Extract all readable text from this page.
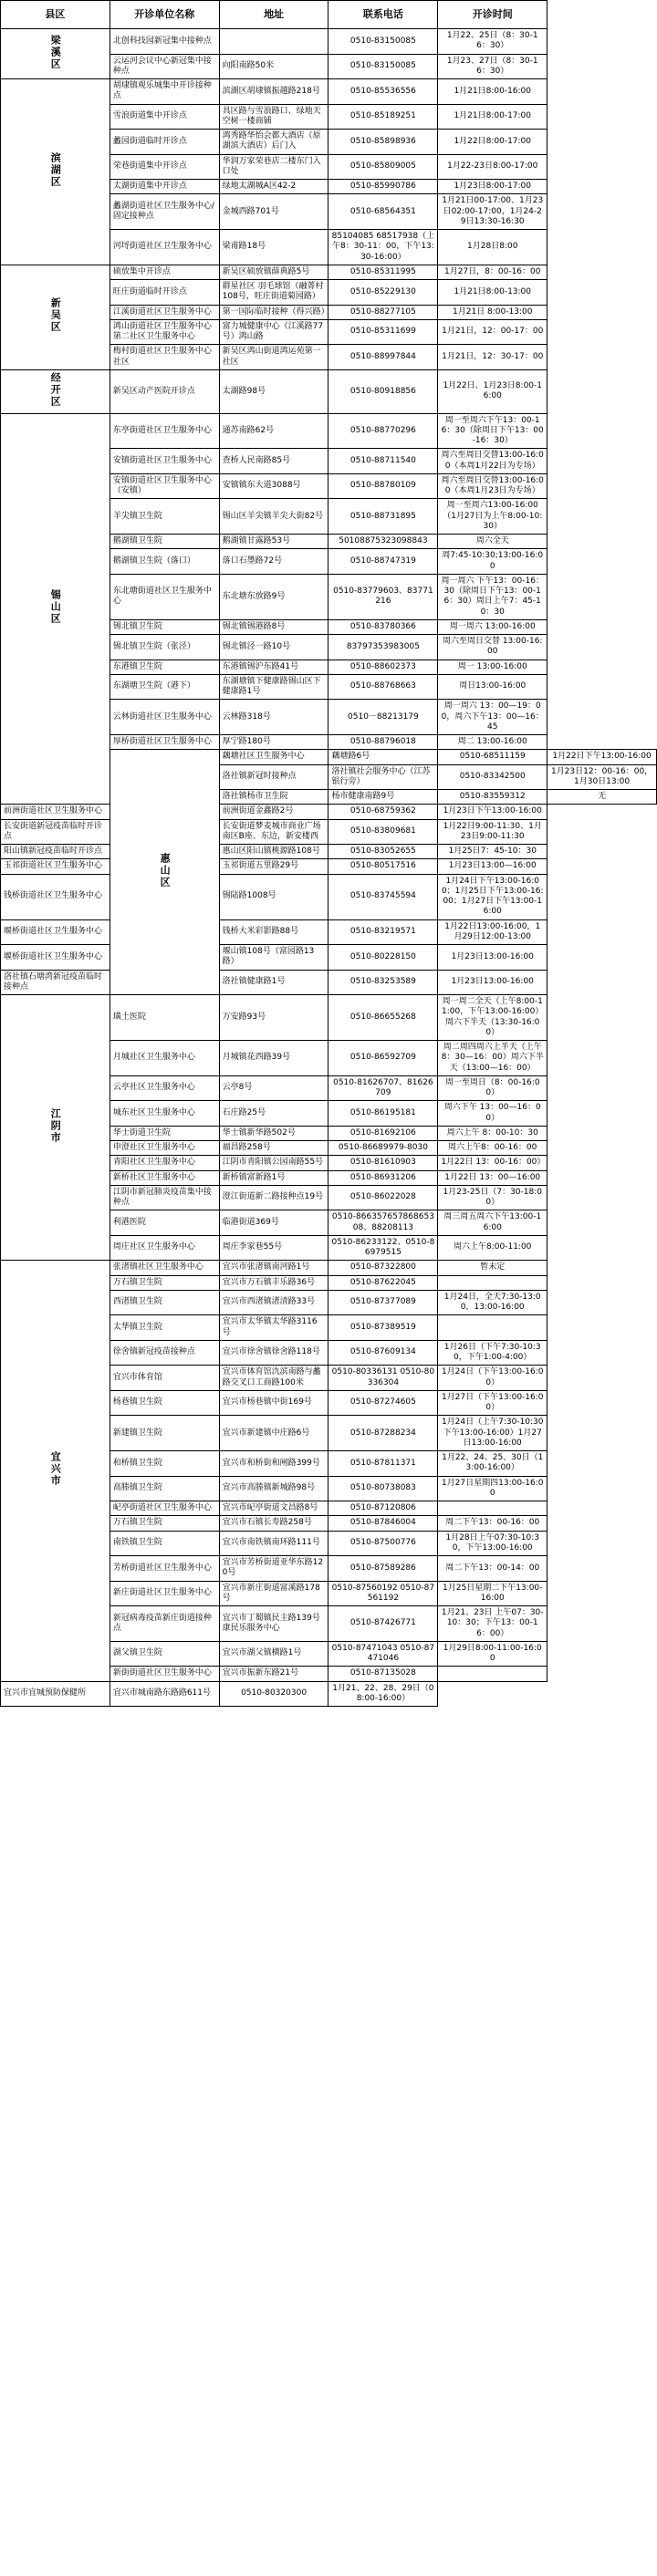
县区	开诊单位名称	地址	联系电话	开诊时间	
梁溪区	北创科技园新冠集中接种点		0510-83150085	1月22、25日（8：30-16：30）	
	云运河会议中心新冠集中接种点	向阳南路50米	0510-83150085	1月23、27日（8：30-16：30）	
滨湖区	胡埭镇观乐城集中开诊接种点	滨湖区胡埭镇振越路218号	0510-85536556	1月21日8:00-16:00	
	雪浪街道集中开诊点	具区路与雪浪路口、绿地天空树一楼商铺	0510-85189251	1月21日8:00-17:00	
	蠡园街道临时开诊点	鸿秀路华怡会都大酒店（原湖滨大酒店）后门入	0510-85898936	1月22日8:00-17:00	
	荣巷街道集中开诊点	华润万家荣巷店二楼东门入口处	0510-85809005	1月22-23日8:00-17:00	
	太湖街道集中开诊点	绿地太湖城A区42-2	0510-85990786	1月23日8:00-17:00	
	蠡湖街道社区卫生服务中心/固定接种点	金城西路701号	0510-68564351	1月21日00-17:00、1月23日02:00-17:00，1月24-29日13:30-16:30	
	河埒街道社区卫生服务中心	梁甫路18号	85104085 68517938（上午8：30-11：00，下午13:30-16:00）	1月28日8:00	
新吴区	硕放集中开诊点	新吴区硕放镇薛典路5号	0510-85311995	1月27日，8：00-16：00	
	旺庄街道临时开诊点	群星社区 羽毛球馆（融菁村108号，旺庄街道菊园路）	0510-85229130	1月21日8:00-13:00	
	江溪街道社区卫生服务中心	第一国际临时接种（得兴路）	0510-88277105	1月21日 8:00-13:00	
	鸿山街道社区卫生服务中心第二社区卫生服务中心	富力城健康中心（江溪路77号）鸿山路	0510-85311699	1月21日，12：00-17：00	
	梅村街道社区卫生服务中心社区	新吴区鸿山街道鸿运苑第一社区	0510-88997844	1月21日，12：30-17：00	
经开区	新吴区动产医院开诊点	太湖路98号	0510-80918856	1月22日、1月23日8:00-16:00	
锡山区	东亭街道社区卫生服务中心	通苏南路62号	0510-88770296	周一至周六下午13：00-16：30（除周日下午13：00-16：30）	
	安镇街道社区卫生服务中心	查桥人民南路85号	0510-88711540	周六至周日交替13:00-16:00（本周1月22日为专场）	
	安镇街道社区卫生服务中心（安镇）	安镇镇东大道3088号	0510-88780109	周六至周日交替13:00-16:00（本周1月23日为专场）	
	羊尖镇卫生院	锡山区羊尖镇羊尖大街82号	0510-88731895	周一至周六13:00-16:00（1月27日为上午8:00-10:30）	
	鹅湖镇卫生院	鹅湖镇甘露路53号	50108875323098843	周六全天	
	鹅湖镇卫生院（落口）	落口石墨路72号	0510-88747319	周7:45-10:30;13:00-16:00	
	东北塘街道社区卫生服务中心	东北塘东放路9号	0510-83779603、83771216	周一周六 下午13：00-16：30（除周日下午13：00-16：30）周日上午7：45-10：30	
	锡北镇卫生院	锡北镇锡港路8号	0510-83780366	周一周六 13:00-16:00	
	锡北镇卫生院（张泾）	锡北镇泾一路10号	83797353983005	周六至周日交替 13:00-16:00	
	东港镇卫生院	东港镇锡沪东路41号	0510-88602373	周一 13:00-16:00	
	东湖塘卫生院（港下）	东湖塘镇下健康路锡山区下健康路1号	0510-88768663	周日13:00-16:00	
	云林街道社区卫生服务中心	云林路318号	0510－88213179	周一周六 13：00—19：00，周六下午13：00—16：45	
	厚桥街道社区卫生服务中心	厚宁路180号	0510-88796018	周二 13:00-16:00	
	惠山区	藕塘社区卫生服务中心	藕塘路6号	0510-68511159	1月22日下午13:00-16:00
		洛社镇新冠时接种点	洛社镇社会服务中心（江苏银行旁）	0510-83342500	1月23日12：00-16：00，1月30日13:00
		洛社镇杨市卫生院	杨市健康南路9号	0510-83559312	无
前洲街道社区卫生服务中心		前洲街道金鑫路2号	0510-68759362	1月23日下午13:00-16:00	
长安街道新冠疫苗临时开诊点		长安街道梦麦城市商业广场南区B座、东边，新安楼西	0510-83809681	1月22日9:00-11:30、1月23日9:00-11:30	
阳山镇新冠疫苗临时开诊点		惠山区阳山镇桃源路108号	0510-83052655	1月25日7：45-10：30	
玉祁街道社区卫生服务中心		玉祁街道五里路29号	0510-80517516	1月23日13:00—16:00	
钱桥街道社区卫生服务中心		锡陆路1008号	0510-83745594	1月24日下午13:00-16:00；1月25日下午13:00-16:00；1月27日下午13:00-16:00	
堰桥街道社区卫生服务中心		钱桥大米彩影路88号	0510-83219571	1月22日13:00-16:00，1月29日12:00-13:00	
堰桥街道社区卫生服务中心		堰山镇108号（富园路13路）	0510-80228150	1月23日13:00-16:00	
洛社镇石塘湾新冠疫苗临时接种点		洛社镇健康路1号	0510-83253589	1月23日13:00-16:00	
江阴市	璜土医院	万安路93号	0510-86655268	周一周二全天（上午8:00-11:00，下午13:00-16:00）周六下半天（13:30-16:00）	
	月城社区卫生服务中心	月城镇花西路39号	0510-86592709	周二周四周六上半天（上午8：30—16：00）周六下半天（13:00—16：00）	
	云亭社区卫生服务中心	云亭8号	0510-81626707、81626709	周一至周日（8：00-16:00）	
	城东社区卫生服务中心	石庄路25号	0510-86195181	周六下午 13：00—16：00）	
	华士街道卫生院	华士镇新华路502号	0510-81692106	周六上午 8：00-10：30	
	申澄社区卫生服务中心	福昌路258号	0510-86689979-8030	周六上午8：00-16：00	
	青阳社区卫生服务中心	江阴市青阳镇公园南路55号	0510-81610903	1月22日 13：00-16：00）	
	新桥社区卫生服务中心	新桥镇富新路1号	0510-86931206	1月22日 13：00—16:00	
	江阴市新冠肺炎疫苗集中接种点	澄江街道新二路接种点19号	0510-86022028	1月23-25日（7：30-18:00）	
	利港医院	临港街道369号	0510-86635765786865308、88208113	周三周五周六下午13:00-16:00	
	周庄社区卫生服务中心	周庄李家巷55号	0510-86233122、0510-86979515	周六上午8:00-11:00	
宜兴市	张渚镇社区卫生服务中心	宜兴市张渚镇南河路1号	0510-87322800	暂未定	
	万石镇卫生院	宜兴市万石镇丰乐路36号	0510-87622045		
	西渚镇卫生院	宜兴市西渚镇渚清路33号	0510-87377089	1月24日，全天7:30-13:00，13:00-16:00	
	太华镇卫生院	宜兴市太华镇太华路3116号	0510-87389519		
	徐舍镇新冠疫苗接种点	宜兴市徐舍镇徐舍路118号	0510-87609134	1月26日（下午7:30-10:30，下午1:00-4:00）	
	宜兴市体育馆	宜兴市体育馆氿滨南路与蠡路交叉口工商路100米	0510-80336131 0510-80336304	1月24日（下午13:00-16:00）	
	杨巷镇卫生院	宜兴市杨巷镇中街169号	0510-87274605	1月27日（下午13:00-16:00）	
	新建镇卫生院	宜兴市新建镇中庄路6号	0510-87288234	1月24日（上午7:30-10:30 下午13:00-16:00）1月27日13:00-16:00	
	和桥镇卫生院	宜兴市和桥街和闸路399号	0510-87811371	1月22、24、25、30日（13:00-16:00）	
	高塍镇卫生院	宜兴市高塍镇新城路98号	0510-80738083	1月27日星期四13:00-16:00	
	屺亭街道社区卫生服务中心	宜兴市屺亭街道文昌路8号	0510-87120806		
	万石镇卫生院	宜兴市石镇长寿路258号	0510-87846004	周二下午13：00-16：00	
	南铁镇卫生院	宜兴市南铁镇南环路111号	0510-87500776	1月28日上午07:30-10:30，下午13:00-16:00	
	芳桥街道社区卫生服务中心	宜兴市芳桥街道亚华东路120号	0510-87589286	周二下午13：00-14：00	
	新庄街道社区卫生服务中心	宜兴市新庄街道富溪路178号	0510-87560192 0510-87561192	1月25日星期二下午13:00-16:00	
	新冠病毒疫苗新庄街道接种点	宜兴市丁蜀镇民主路139号康民乐服务中心	0510-87426771	1月21、23日 上午07：30-10：30；下午13：00-16：00）	
	湖父镇卫生院	宜兴市湖父镇横路1号	0510-87471043 0510-87471046	1月29日8:00-11:00-16:00	
	新街街道社区卫生服务中心	宜兴市振新东路21号	0510-87135028		
宜兴市宜城预防保健所	宜兴市城南路东路路611号	0510-80320300	1月21、22、28、29日（08:00-16:00）		
